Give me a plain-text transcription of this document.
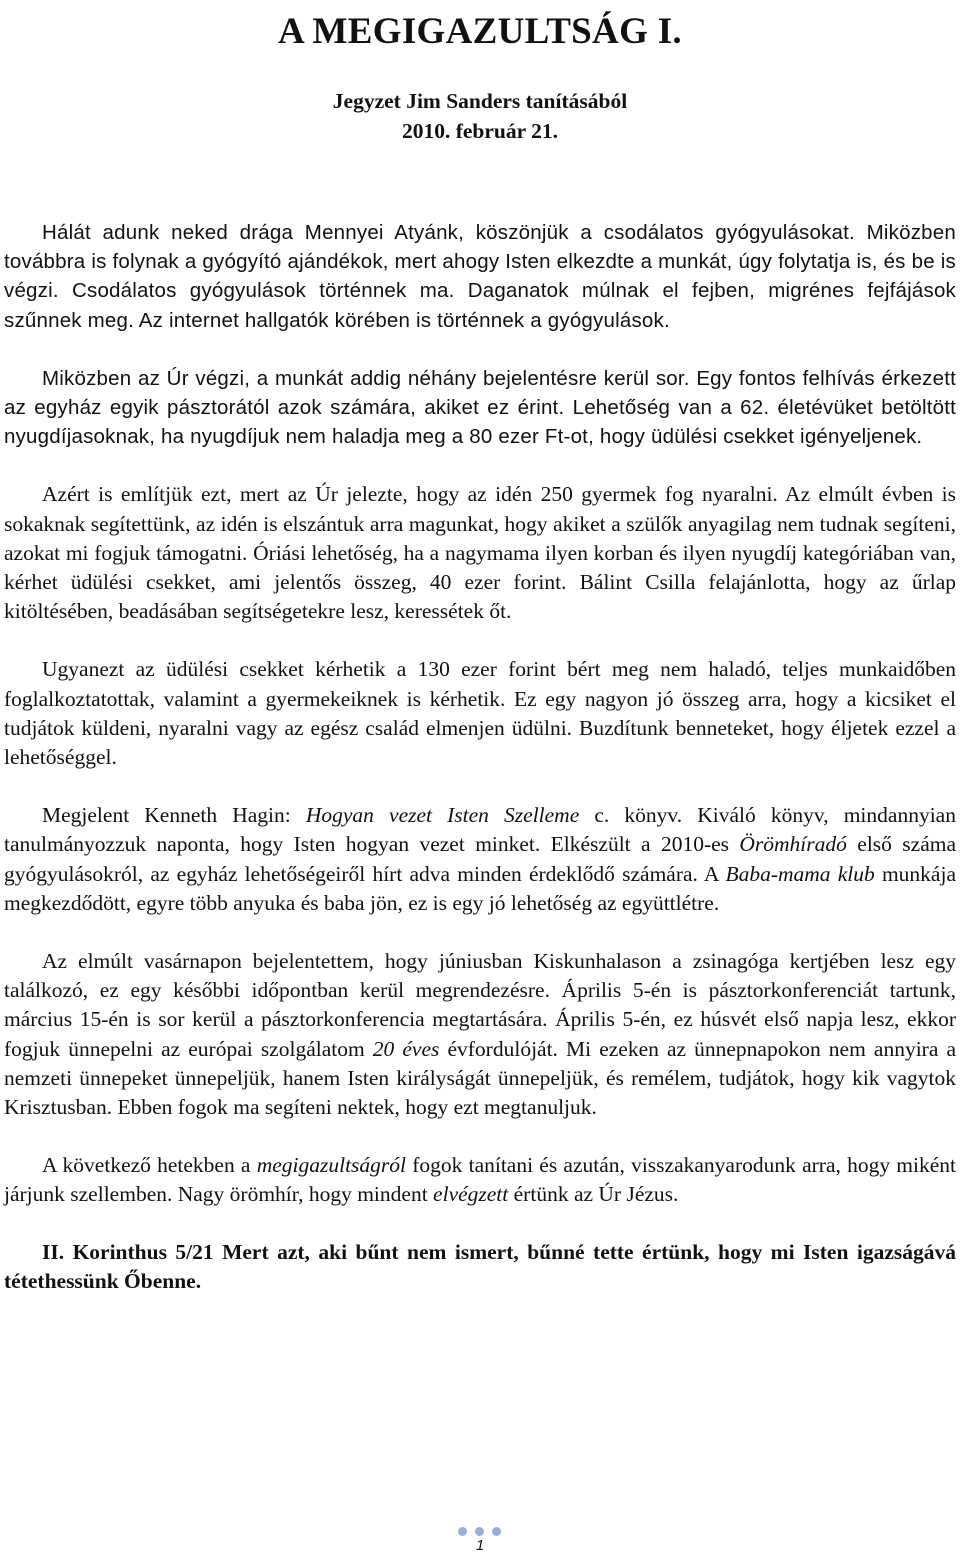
A MEGIGAZULTSÁG I.
Jegyzet Jim Sanders tanításából
2010. február 21.

Hálát adunk neked drága Mennyei Atyánk, köszönjük a csodálatos gyógyulásokat. Miközben továbbra is folynak a gyógyító ajándékok, mert ahogy Isten elkezdte a munkát, úgy folytatja is, és be is végzi. Csodálatos gyógyulások történnek ma. Daganatok múlnak el fejben, migrénes fejfájások szűnnek meg. Az internet hallgatók körében is történnek a gyógyulások.

Miközben az Úr végzi, a munkát addig néhány bejelentésre kerül sor. Egy fontos felhívás érkezett az egyház egyik pásztorától azok számára, akiket ez érint. Lehetőség van a 62. életévüket betöltött nyugdíjasoknak, ha nyugdíjuk nem haladja meg a 80 ezer Ft-ot, hogy üdülési csekket igényeljenek.

Azért is említjük ezt, mert az Úr jelezte, hogy az idén 250 gyermek fog nyaralni. Az elmúlt évben is sokaknak segítettünk, az idén is elszántuk arra magunkat, hogy akiket a szülők anyagilag nem tudnak segíteni, azokat mi fogjuk támogatni. Óriási lehetőség, ha a nagymama ilyen korban és ilyen nyugdíj kategóriában van, kérhet üdülési csekket, ami jelentős összeg, 40 ezer forint. Bálint Csilla felajánlotta, hogy az űrlap kitöltésében, beadásában segítségetekre lesz, keressétek őt.

Ugyanezt az üdülési csekket kérhetik a 130 ezer forint bért meg nem haladó, teljes munkaidőben foglalkoztatottak, valamint a gyermekeiknek is kérhetik. Ez egy nagyon jó összeg arra, hogy a kicsiket el tudjátok küldeni, nyaralni vagy az egész család elmenjen üdülni. Buzdítunk benneteket, hogy éljetek ezzel a lehetőséggel.

Megjelent Kenneth Hagin: Hogyan vezet Isten Szelleme c. könyv. Kiváló könyv, mindannyian tanulmányozzuk naponta, hogy Isten hogyan vezet minket. Elkészült a 2010-es Örömhíradó első száma gyógyulásokról, az egyház lehetőségeiről hírt adva minden érdeklődő számára. A Baba-mama klub munkája megkezdődött, egyre több anyuka és baba jön, ez is egy jó lehetőség az együttlétre.

Az elmúlt vasárnapon bejelentettem, hogy júniusban Kiskunhalason a zsinagóga kertjében lesz egy találkozó, ez egy későbbi időpontban kerül megrendezésre. Április 5-én is pásztorkonferenciát tartunk, március 15-én is sor kerül a pásztorkonferencia megtartására. Április 5-én, ez húsvét első napja lesz, ekkor fogjuk ünnepelni az európai szolgálatom 20 éves évfordulóját. Mi ezeken az ünnepnapokon nem annyira a nemzeti ünnepeket ünnepeljük, hanem Isten királyságát ünnepeljük, és remélem, tudjátok, hogy kik vagytok Krisztusban. Ebben fogok ma segíteni nektek, hogy ezt megtanuljuk.

A következő hetekben a megigazultságról fogok tanítani és azután, visszakanyarodunk arra, hogy miként járjunk szellemben. Nagy örömhír, hogy mindent elvégzett értünk az Úr Jézus.

II. Korinthus 5/21 Mert azt, aki bűnt nem ismert, bűnné tette értünk, hogy mi Isten igazságává tétethessünk Őbenne.

1
